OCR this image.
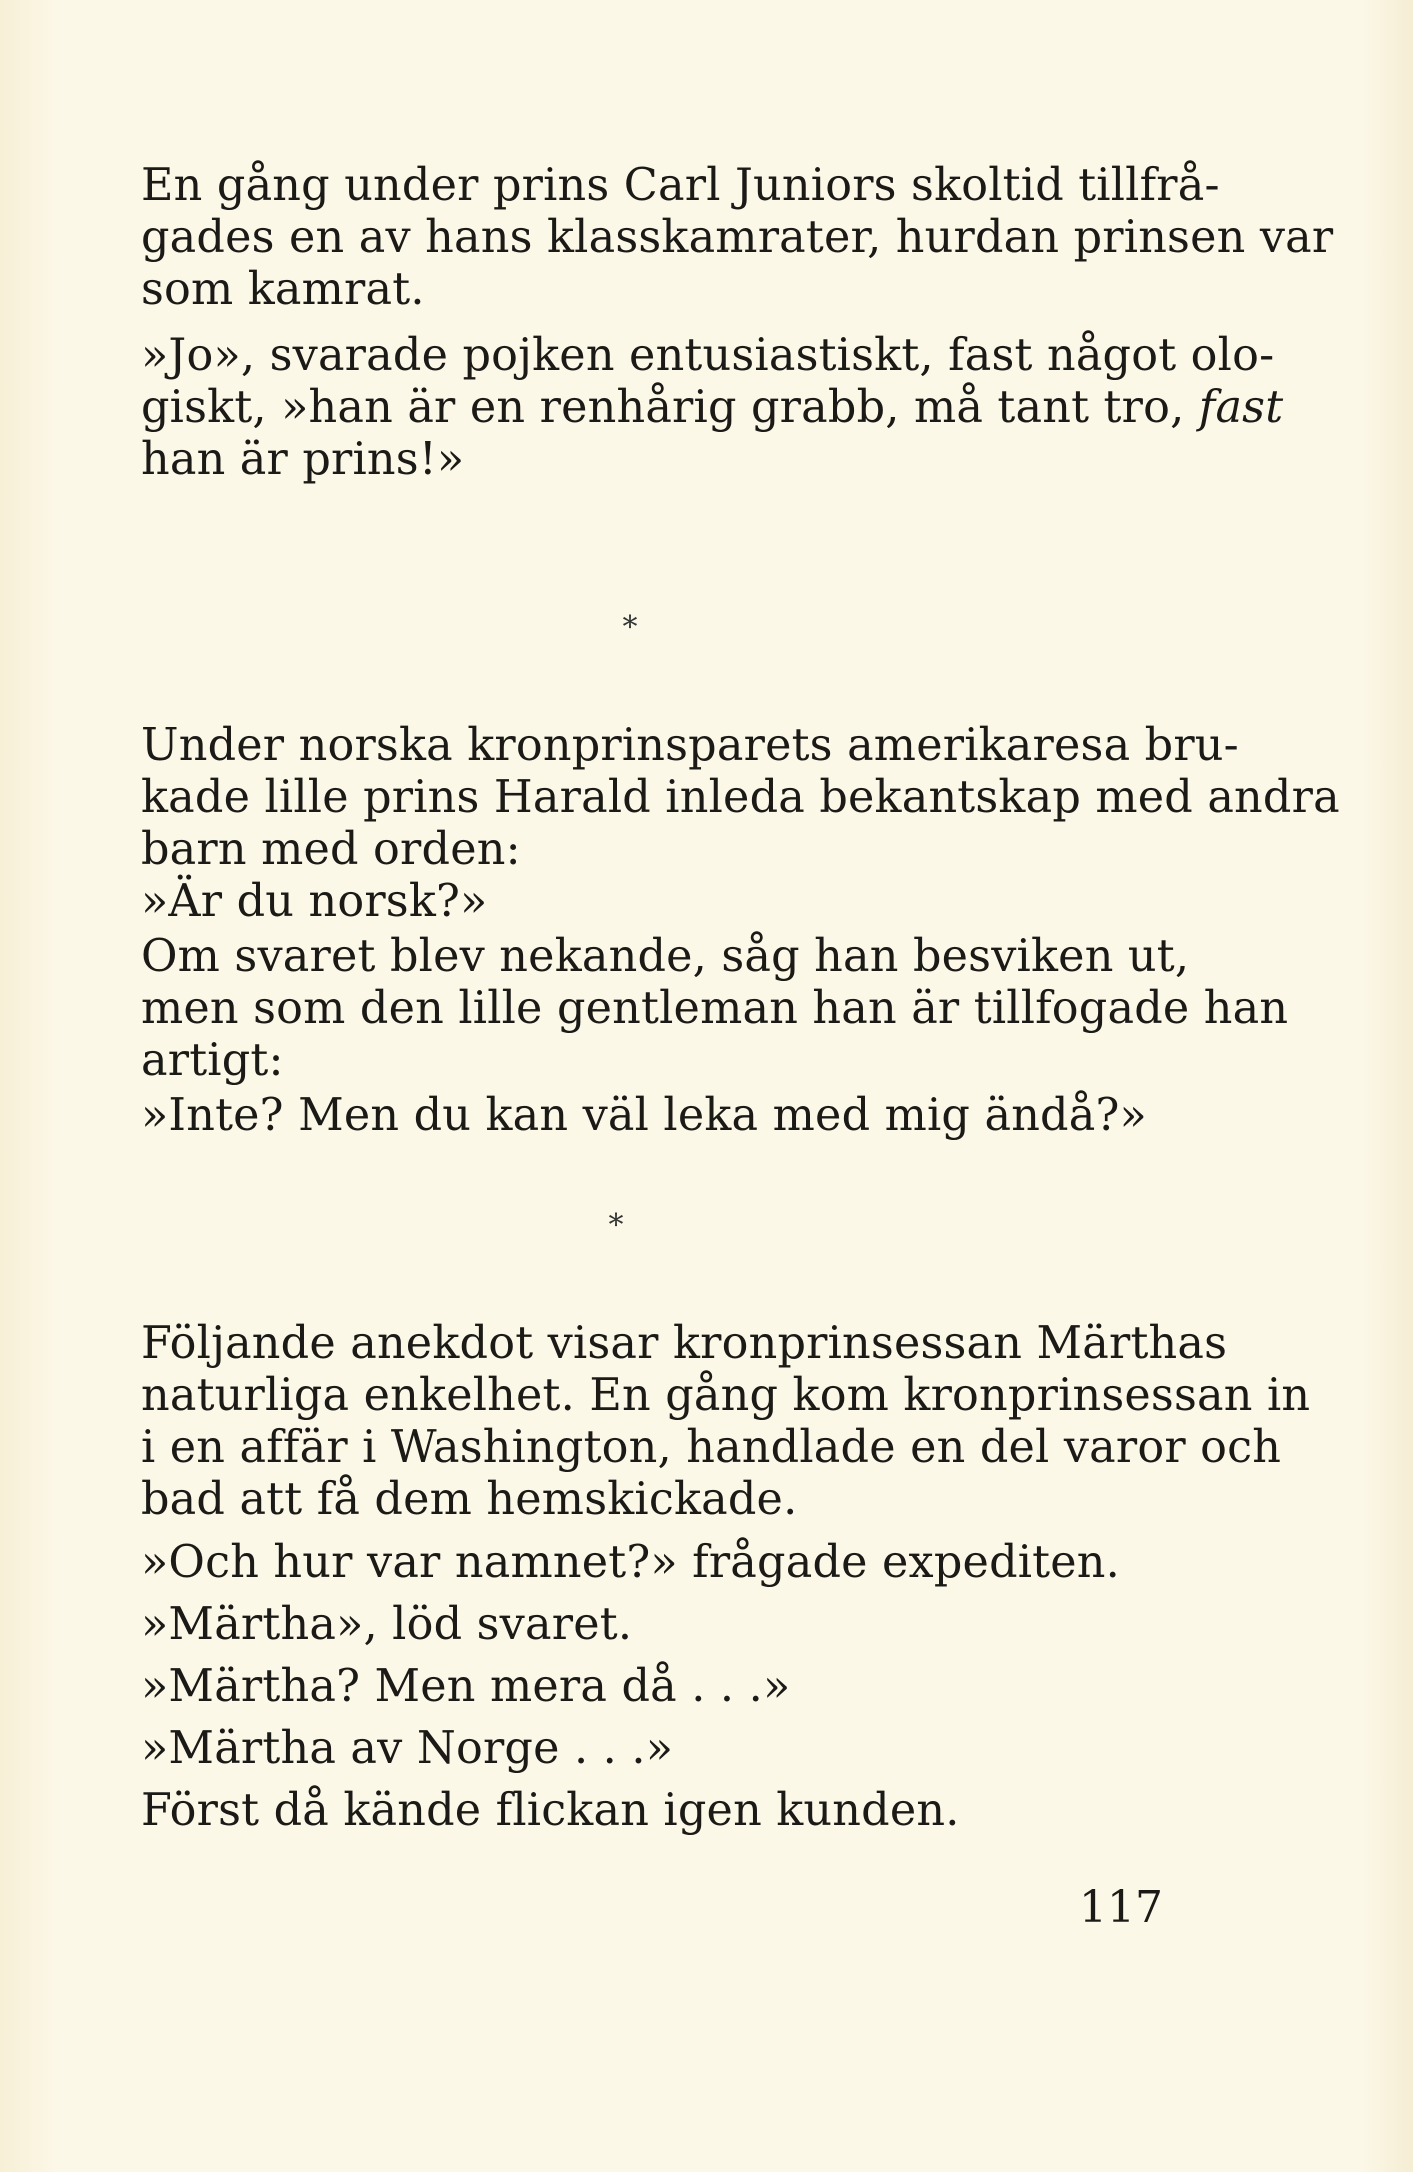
En gång under prins Carl Juniors skoltid tillfrå-
gades en av hans klasskamrater, hurdan prinsen var
som kamrat.
»Jo», svarade pojken entusiastiskt, fast något olo-
giskt, »han är en renhårig grabb, må tant tro, fast
han är prins!»
*
Under norska kronprinsparets amerikaresa bru-
kade lille prins Harald inleda bekantskap med andra
barn med orden:
»Är du norsk?»
Om svaret blev nekande, såg han besviken ut,
men som den lille gentleman han är tillfogade han
artigt:
»Inte? Men du kan väl leka med mig ändå?»
*
Följande anekdot visar kronprinsessan Märthas
naturliga enkelhet. En gång kom kronprinsessan in
i en affär i Washington, handlade en del varor och
bad att få dem hemskickade.
»Och hur var namnet?» frågade expediten.
»Märtha», löd svaret.
»Märtha? Men mera då . . .»
»Märtha av Norge . . .»
Först då kände flickan igen kunden.
117
